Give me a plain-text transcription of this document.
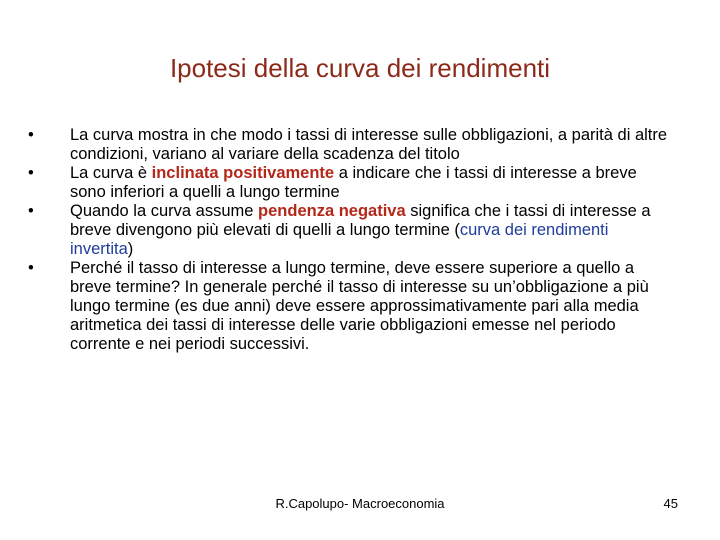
Ipotesi della curva dei rendimenti
•	La curva mostra in che modo i tassi di interesse sulle obbligazioni, a parità di altre condizioni, variano al variare della scadenza del titolo
•	La curva è inclinata positivamente a indicare che i tassi di interesse a breve sono inferiori a quelli a lungo termine
•	Quando la curva assume pendenza negativa significa che i tassi di interesse a breve divengono più elevati di quelli a lungo termine (curva dei rendimenti invertita)
•	Perché il tasso di interesse a lungo termine, deve essere superiore a quello a breve termine? In generale perché il tasso di interesse su un’obbligazione a più lungo termine (es due anni) deve essere approssimativamente pari alla media aritmetica dei tassi di interesse delle varie obbligazioni emesse nel periodo corrente e nei periodi successivi.
R.Capolupo- Macroeconomia	45
